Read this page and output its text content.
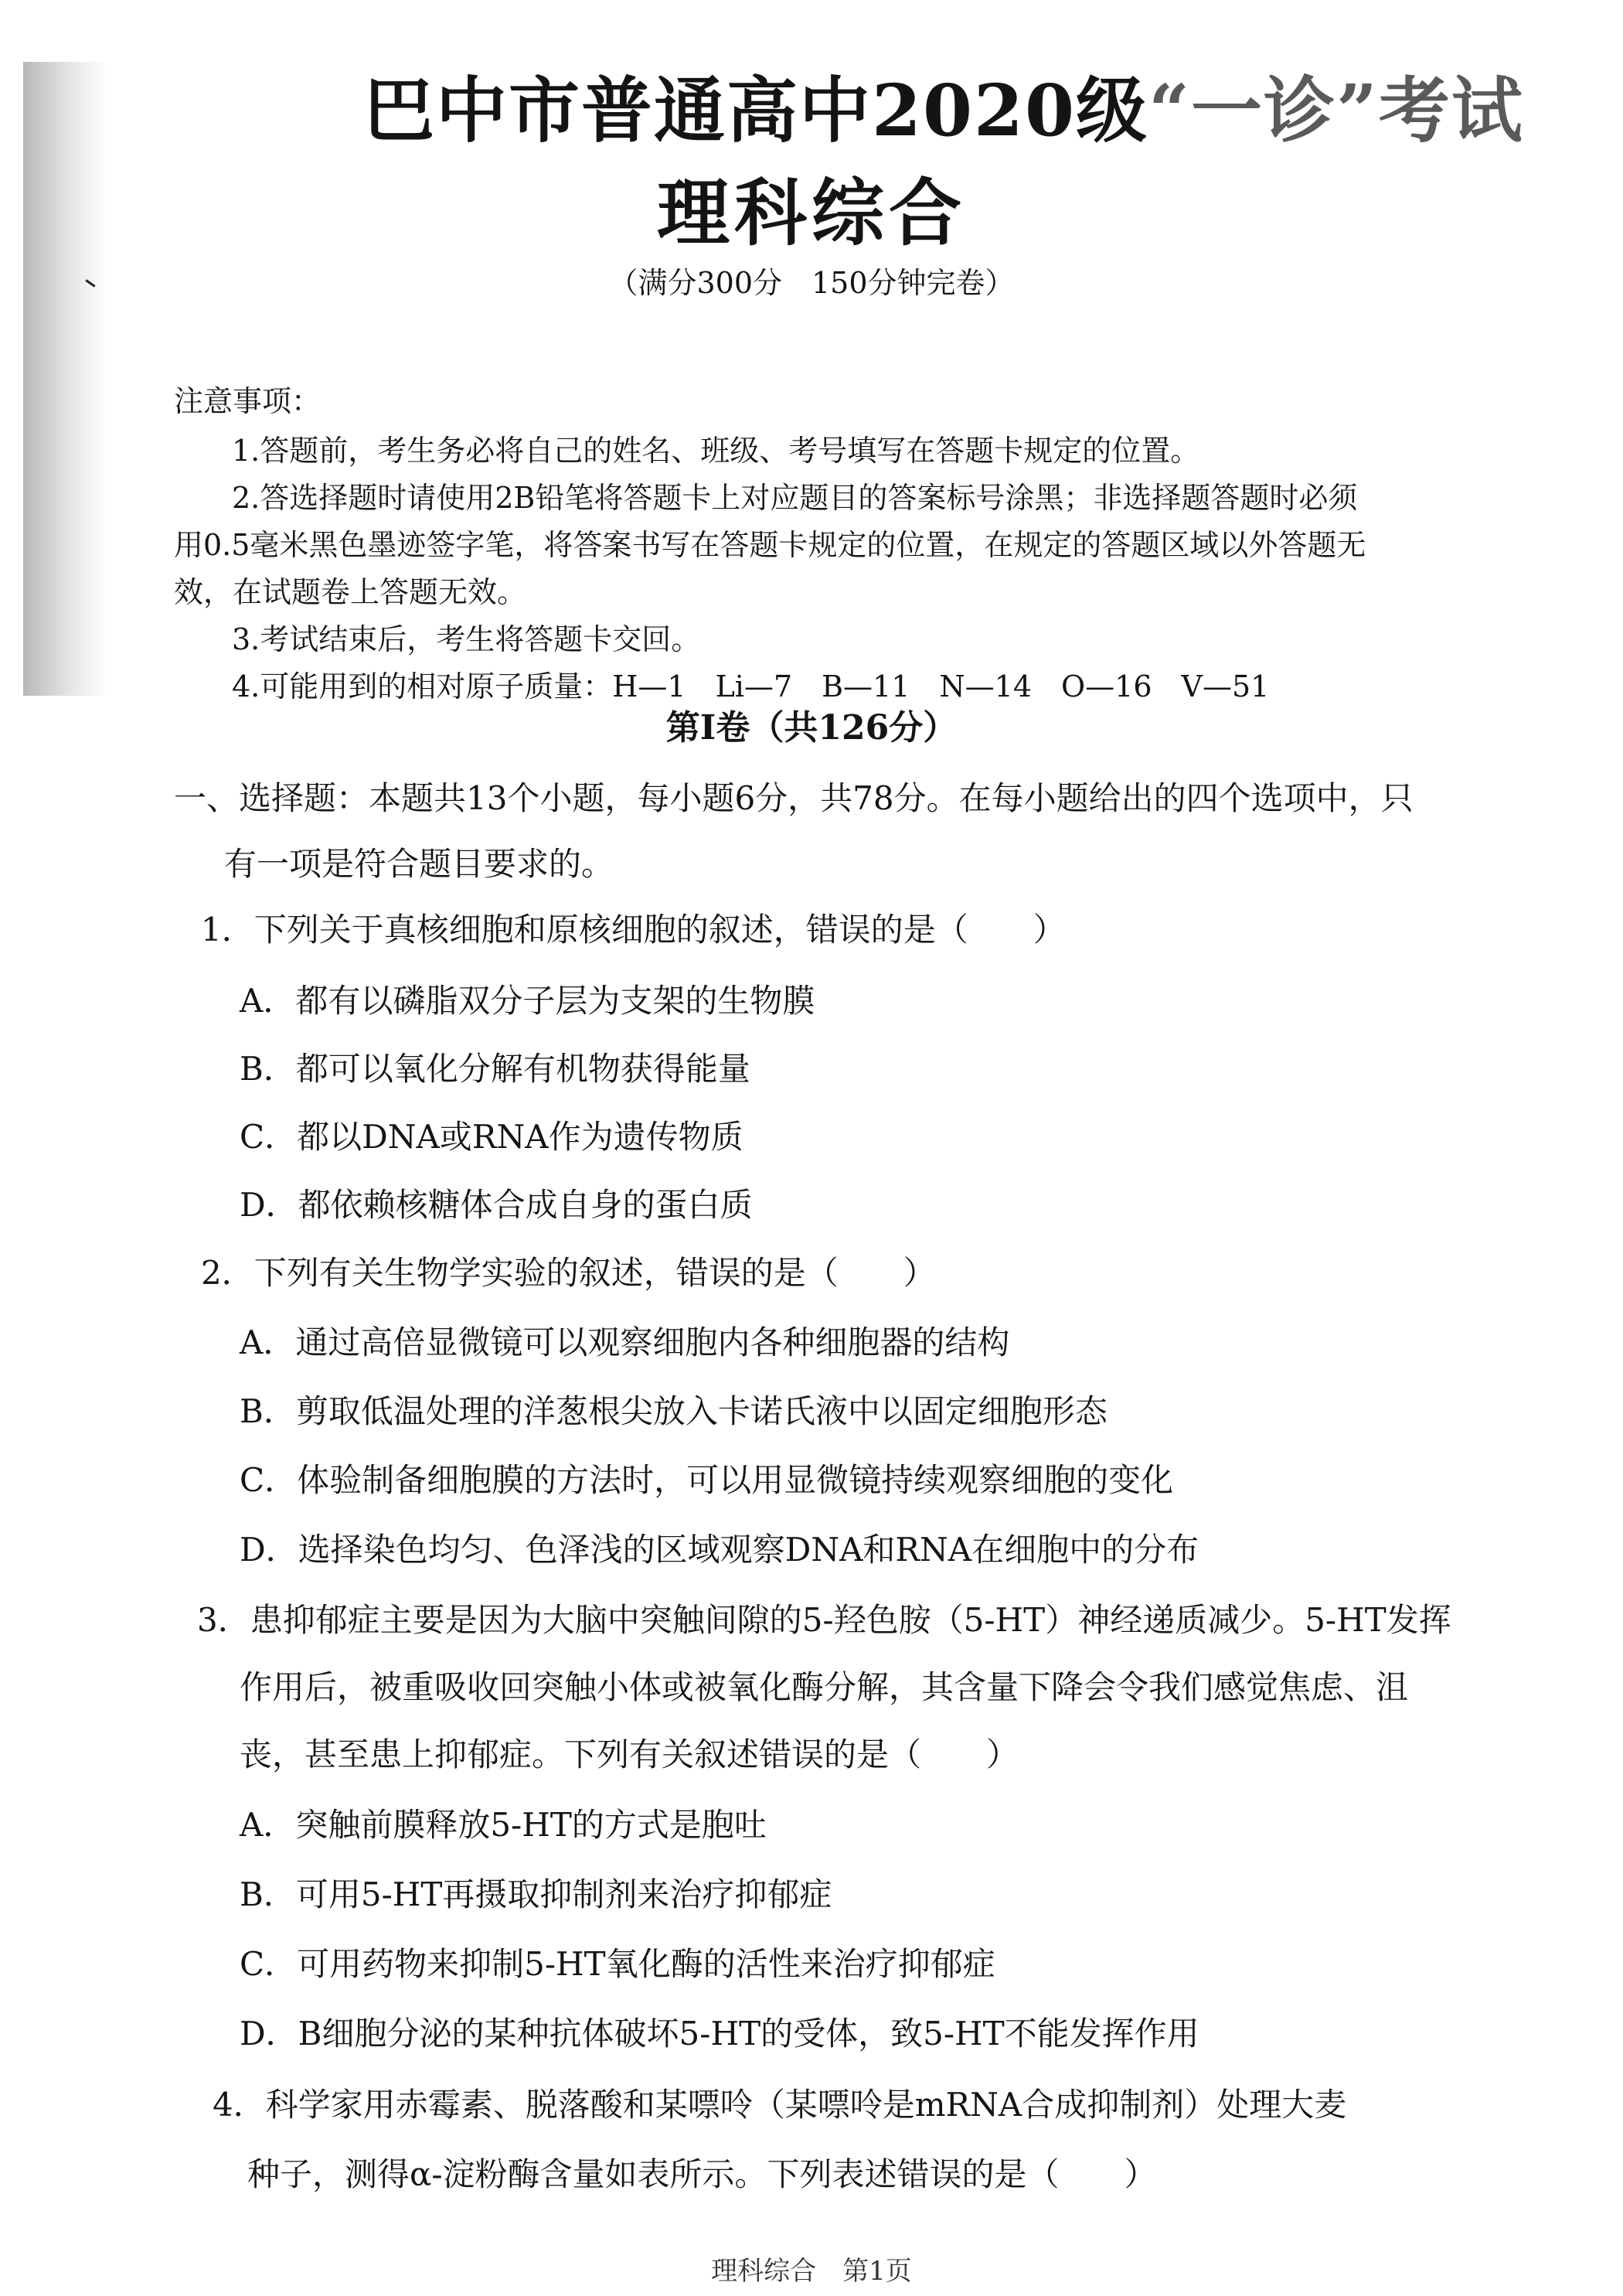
巴中市普通高中2020级“一诊”考试
理科综合
（满分300分　150分钟完卷）
注意事项：
1.答题前，考生务必将自己的姓名、班级、考号填写在答题卡规定的位置。
2.答选择题时请使用2B铅笔将答题卡上对应题目的答案标号涂黑；非选择题答题时必须
用0.5毫米黑色墨迹签字笔，将答案书写在答题卡规定的位置，在规定的答题区域以外答题无
效，在试题卷上答题无效。
3.考试结束后，考生将答题卡交回。
4.可能用到的相对原子质量：H—1　Li—7　B—11　N—14　O—16　V—51
第Ⅰ卷（共126分）
一、选择题：本题共13个小题，每小题6分，共78分。在每小题给出的四个选项中，只
有一项是符合题目要求的。
1．下列关于真核细胞和原核细胞的叙述，错误的是（　　）
A．都有以磷脂双分子层为支架的生物膜
B．都可以氧化分解有机物获得能量
C．都以DNA或RNA作为遗传物质
D．都依赖核糖体合成自身的蛋白质
2．下列有关生物学实验的叙述，错误的是（　　）
A．通过高倍显微镜可以观察细胞内各种细胞器的结构
B．剪取低温处理的洋葱根尖放入卡诺氏液中以固定细胞形态
C．体验制备细胞膜的方法时，可以用显微镜持续观察细胞的变化
D．选择染色均匀、色泽浅的区域观察DNA和RNA在细胞中的分布
3．患抑郁症主要是因为大脑中突触间隙的5-羟色胺（5-HT）神经递质减少。5-HT发挥
作用后，被重吸收回突触小体或被氧化酶分解，其含量下降会令我们感觉焦虑、沮
丧，甚至患上抑郁症。下列有关叙述错误的是（　　）
A．突触前膜释放5-HT的方式是胞吐
B．可用5-HT再摄取抑制剂来治疗抑郁症
C．可用药物来抑制5-HT氧化酶的活性来治疗抑郁症
D．B细胞分泌的某种抗体破坏5-HT的受体，致5-HT不能发挥作用
4．科学家用赤霉素、脱落酸和某嘌呤（某嘌呤是mRNA合成抑制剂）处理大麦
种子，测得α-淀粉酶含量如表所示。下列表述错误的是（　　）
理科综合　第1页
